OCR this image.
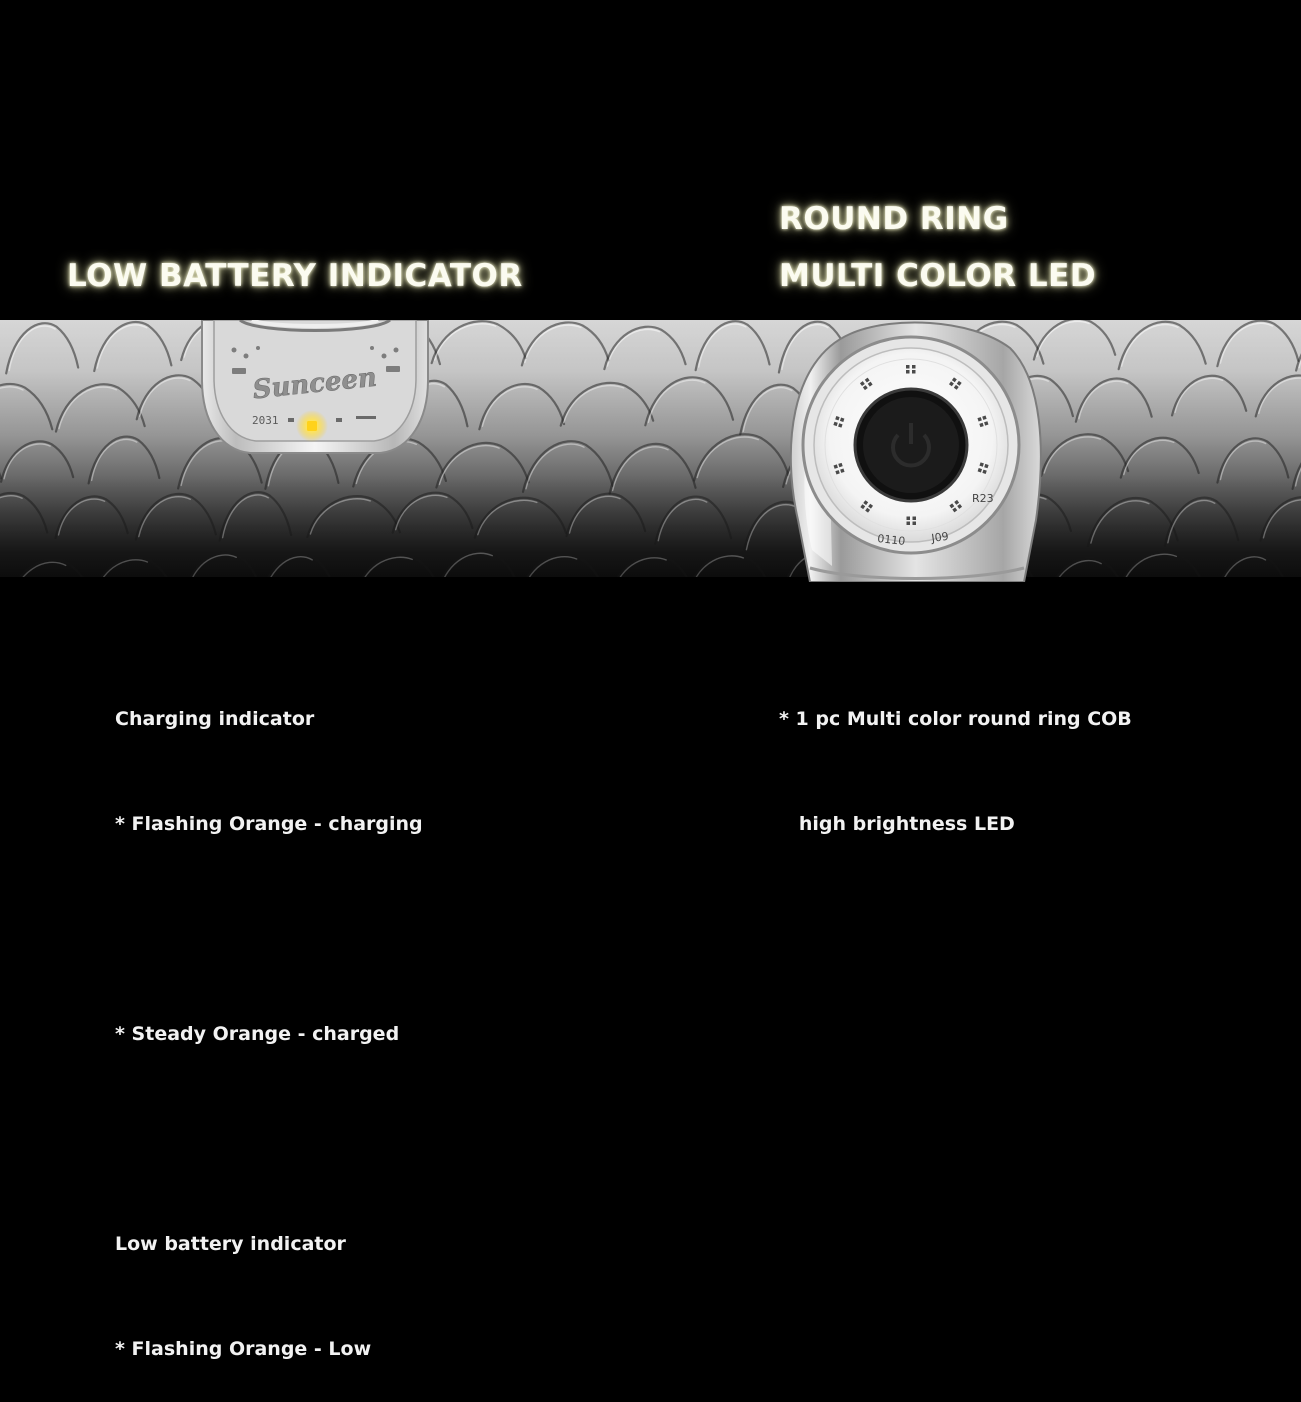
LOW BATTERY INDICATOR
ROUND RING
MULTI COLOR LED
Sunceen
2031
R23
0110 J09

Charging indicator

* Flashing Orange - charging

* Steady Orange - charged

Low battery indicator

* Flashing Orange - Low

* 1 pc Multi color round ring COB

high brightness LED
